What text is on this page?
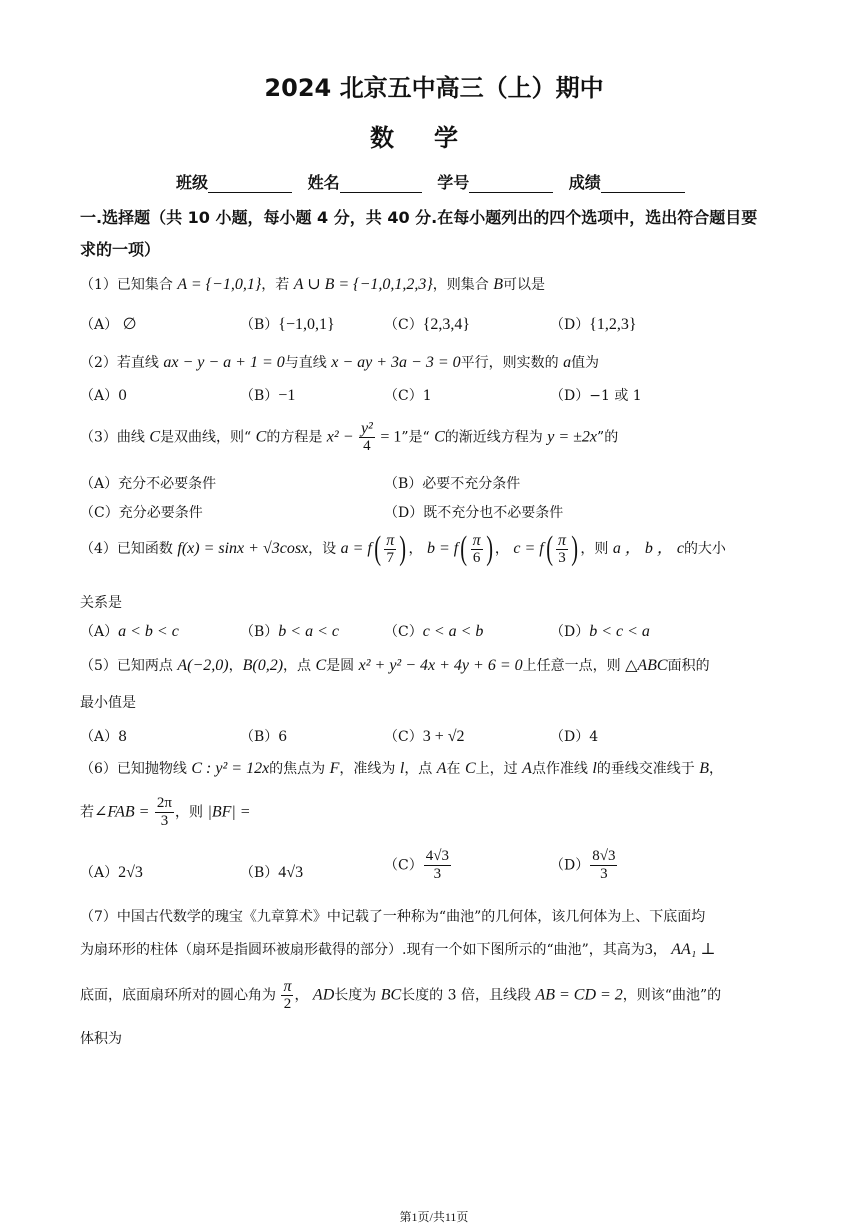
2024 北京五中高三（上）期中
数学
班级	姓名	学号	成绩
一.选择题（共 10 小题，每小题 4 分，共 40 分.在每小题列出的四个选项中，选出符合题目要
求的一项）
（1）已知集合 A = {−1,0,1}，若 A ∪ B = {−1,0,1,2,3}，则集合 B可以是
（A） ∅	（B）{−1,0,1}	（C）{2,3,4}	（D）{1,2,3}
（2）若直线 ax − y − a + 1 = 0与直线 x − ay + 3a − 3 = 0平行，则实数的 a值为
（A）0	（B）−1	（C）1	（D）−1 或 1
（3）曲线 C是双曲线，则“ C的方程是 $x^2 - \frac{\text{y²}}{4} = 1$”是“ C的渐近线方程为 y = ±2x”的
（A）充分不必要条件	（B）必要不充分条件
（C）充分必要条件	（D）既不充分也不必要条件
（4）已知函数 f(x) = sinx + √3cosx，设 $a = f( \frac{\pi}{7}$ ) ， $b = f( \frac{\pi}{6}$ ) ， $c = f( \frac{\pi}{3}$ ) ，则 a ， b ， c的大小
关系是
（A）a < b < c	（B）b < a < c	（C）c < a < b	（D）b < c < a
（5）已知两点 A(−2,0)，B(0,2)，点 C是圆 x² + y² − 4x + 4y + 6 = 0上任意一点，则 △ABC面积的
最小值是
（A）8	（B）6	（C）3 + √2	（D）4
（6）已知抛物线 C : y² = 12x的焦点为 F，准线为 l，点 A在 C上，过 A点作准线 l的垂线交准线于 B，
若∠FAB = $\frac{2\pi}{3}$ ，则 |BF| =
（A）2√3	（B）4√3	$(C) \frac{4√3}{3}$	$(D) \frac{8√3}{3}$
（7）中国古代数学的瑰宝《九章算术》中记载了一种称为“曲池”的几何体，该几何体为上、下底面均
为扇环形的柱体（扇环是指圆环被扇形截得的部分）.现有一个如下图所示的“曲池”，其高为3， AA₁ ⊥
底面，底面扇环所对的圆心角为 $\frac{\pi}{2}$ ， AD长度为 BC长度的 3 倍，且线段 AB = CD = 2，则该“曲池”的
体积为
第1页/共11页
